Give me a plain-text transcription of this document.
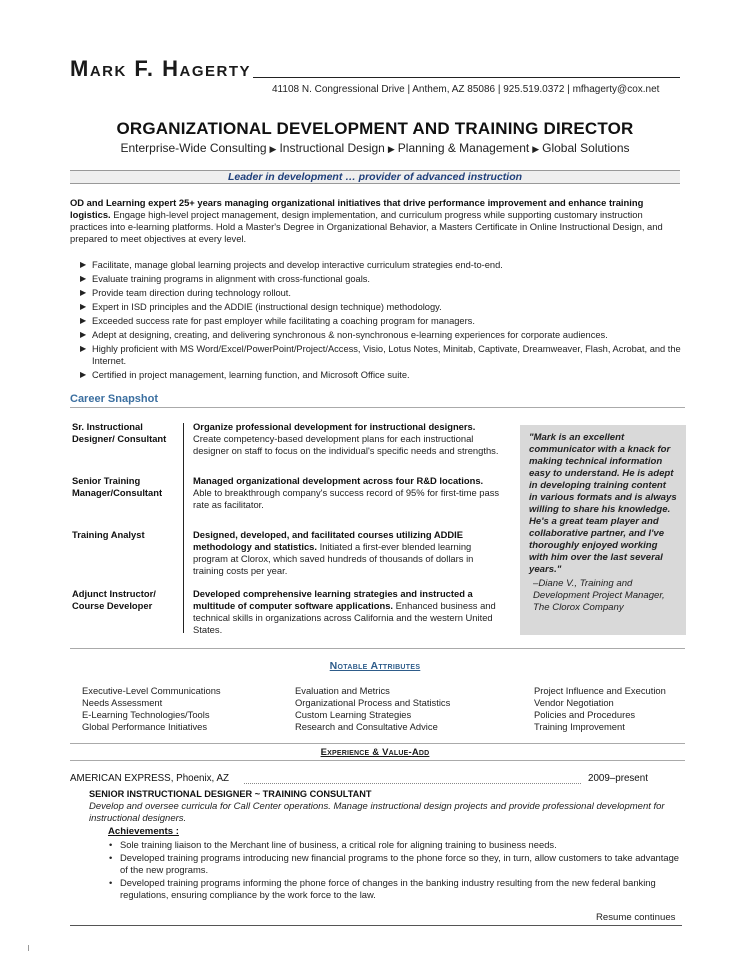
Mark F. Hagerty
41108 N. Congressional Drive | Anthem, AZ 85086 | 925.519.0372 | mfhagerty@cox.net
ORGANIZATIONAL DEVELOPMENT AND TRAINING DIRECTOR
Enterprise-Wide Consulting ▶ Instructional Design ▶ Planning & Management ▶ Global Solutions
Leader in development … provider of advanced instruction
OD and Learning expert 25+ years managing organizational initiatives that drive performance improvement and enhance training logistics. Engage high-level project management, design implementation, and curriculum progress while supporting customary instruction practices into e-learning platforms. Hold a Master's Degree in Organizational Behavior, a Masters Certificate in Online Instructional Design, and prepared to meet objectives at every level.
▶ Facilitate, manage global learning projects and develop interactive curriculum strategies end-to-end.
▶ Evaluate training programs in alignment with cross-functional goals.
▶ Provide team direction during technology rollout.
▶ Expert in ISD principles and the ADDIE (instructional design technique) methodology.
▶ Exceeded success rate for past employer while facilitating a coaching program for managers.
▶ Adept at designing, creating, and delivering synchronous & non-synchronous e-learning experiences for corporate audiences.
▶ Highly proficient with MS Word/Excel/PowerPoint/Project/Access, Visio, Lotus Notes, Minitab, Captivate, Dreamweaver, Flash, Acrobat, and the Internet.
▶ Certified in project management, learning function, and Microsoft Office suite.
Career Snapshot
Sr. Instructional Designer/ Consultant
Organize professional development for instructional designers. Create competency-based development plans for each instructional designer on staff to focus on the individual's specific needs and strengths.
Senior Training Manager/Consultant
Managed organizational development across four R&D locations. Able to breakthrough company's success record of 95% for first-time pass rate as facilitator.
Training Analyst	Designed, developed, and facilitated courses utilizing ADDIE methodology and statistics. Initiated a first-ever blended learning program at Clorox, which saved hundreds of thousands of dollars in training costs per year.
Adjunct Instructor/ Course Developer
Developed comprehensive learning strategies and instructed a multitude of computer software applications. Enhanced business and technical skills in organizations across California and the western United States.
"Mark is an excellent communicator with a knack for making technical information easy to understand. He is adept in developing training content in various formats and is always willing to share his knowledge. He's a great team player and collaborative partner, and I've thoroughly enjoyed working with him over the last several years."
–Diane V., Training and Development Project Manager, The Clorox Company
Notable Attributes
Executive-Level Communications
Needs Assessment
E-Learning Technologies/Tools
Global Performance Initiatives
Evaluation and Metrics
Organizational Process and Statistics
Custom Learning Strategies
Research and Consultative Advice
Project Influence and Execution
Vendor Negotiation
Policies and Procedures
Training Improvement
Experience & Value-Add
AMERICAN EXPRESS, Phoenix, AZ	2009–present
SENIOR INSTRUCTIONAL DESIGNER ~ TRAINING CONSULTANT
Develop and oversee curricula for Call Center operations. Manage instructional design projects and provide professional development for instructional designers.
Achievements :
• Sole training liaison to the Merchant line of business, a critical role for aligning training to business needs.
• Developed training programs introducing new financial programs to the phone force so they, in turn, allow customers to take advantage of the new programs.
• Developed training programs informing the phone force of changes in the banking industry resulting from the new federal banking regulations, ensuring compliance by the work force to the law.
Resume continues
